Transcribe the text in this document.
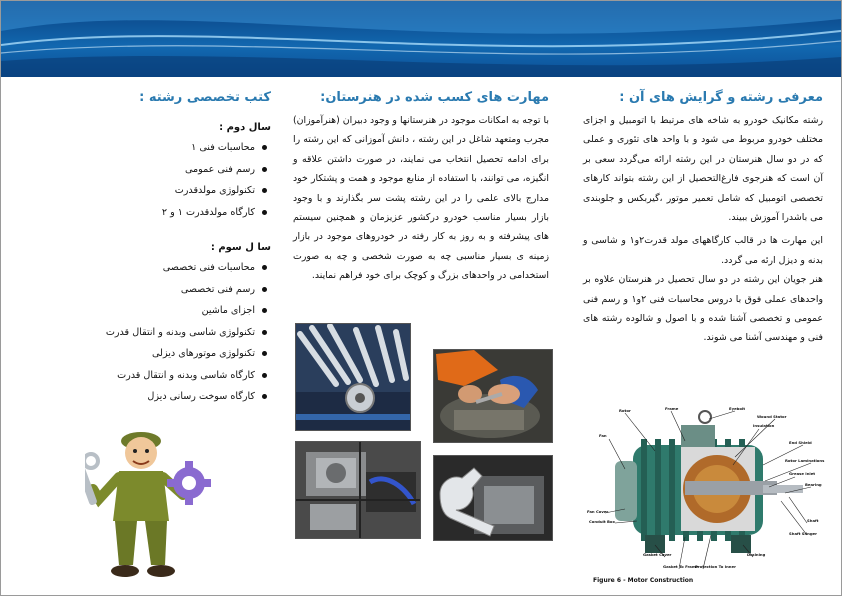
معرفی رشته و گرایش های آن :

رشته مکانیک خودرو به شاخه های مرتبط با اتومبیل و اجزای مختلف خودرو مربوط می شود و با واحد های تئوری و عملی که در دو سال هنرستان در این رشته ارائه می‌گردد سعی بر آن است که هنرجوی فارغ‌التحصیل از این رشته بتواند کارهای تخصصی اتومبیل که شامل تعمیر موتور ،گیربکس و جلوبندی می باشدرا آموزش ببیند.

این مهارت ها در قالب کارگاههای مولد قدرت۲و۱ و شاسی و بدنه و دیزل ارئه می گردد.

هنر جویان این رشته در دو سال تحصیل در هنرستان علاوه بر واحدهای عملی فوق با دروس محاسبات فنی ۲و۱ و رسم فنی عمومی و تخصصی آشنا شده و با اصول و شالوده رشته های فنی و مهندسی آشنا می شوند.

Rotor	Frame	Eyebolt
Wound Stator
Insulation
End Shield
Fan
Rotor Laminations
Grease Inlet
Bearing
Fan Cover
Conduit Box	Shaft
Shaft Slinger
Gasket Cover
Gasket To Frame
Protection To Inner
Draining
Figure 6 - Motor Construction
مهارت های کسب شده در هنرستان:

با توجه به امکانات موجود در هنرستانها و وجود دبیران (هنرآموزان) مجرب ومتعهد شاغل در این رشته ، دانش آموزانی که این رشته را برای ادامه تحصیل انتخاب می نمایند، در صورت داشتن علاقه و انگیزه، می توانند، با استفاده از منابع موجود و همت و پشتکار خود مدارج بالای علمی را در این رشته پشت سر بگذارند و با وجود بازار بسیار مناسب خودرو درکشور عزیزمان و همچنین سیستم های پیشرفته و به روز به کار رفته در خودروهای موجود در بازار زمینه ی بسیار مناسبی چه به صورت شخصی و چه به صورت استخدامی در واحدهای بزرگ و کوچک برای خود فراهم نمایند.

کتب تخصصی رشته :
سال دوم :
محاسبات فنی ۱
رسم فنی عمومی
تکنولوژی مولدقدرت
کارگاه مولدقدرت ۱ و ۲
سا ل سوم :
محاسبات فنی تخصصی
رسم فنی تخصصی
اجزای ماشین
تکنولوژی شاسی وبدنه و انتقال قدرت
تکنولوژی موتورهای دیزلی
کارگاه شاسی وبدنه و انتقال قدرت
کارگاه سوخت رسانی دیزل
